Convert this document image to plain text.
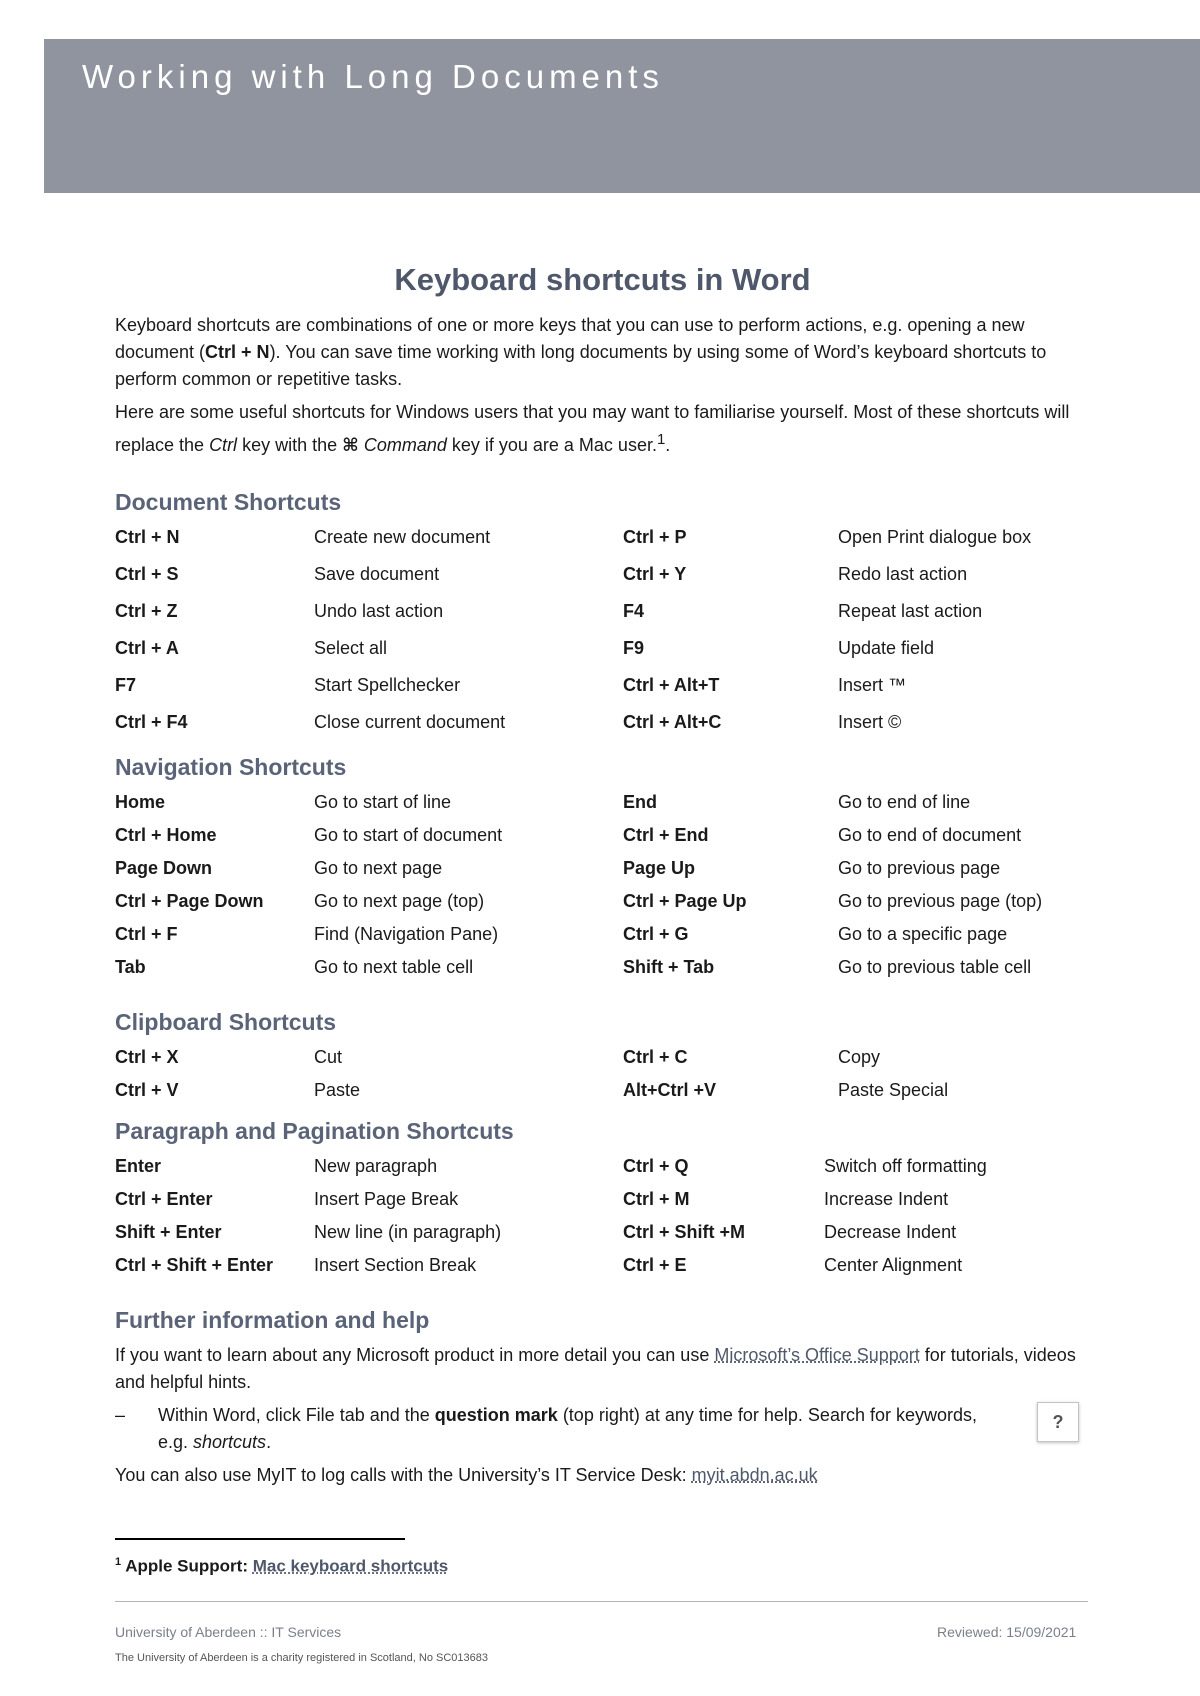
Working with Long Documents
Keyboard shortcuts in Word

Keyboard shortcuts are combinations of one or more keys that you can use to perform actions, e.g. opening a new document (Ctrl + N). You can save time working with long documents by using some of Word’s keyboard shortcuts to perform common or repetitive tasks.

Here are some useful shortcuts for Windows users that you may want to familiarise yourself. Most of these shortcuts will replace the Ctrl key with the ⌘ Command key if you are a Mac user.$^1$.

Document Shortcuts
Ctrl + N	Create new document	Ctrl + P	Open Print dialogue box
Ctrl + S	Save document	Ctrl + Y	Redo last action
Ctrl + Z	Undo last action	F4	Repeat last action
Ctrl + A	Select all	F9	Update field
F7	Start Spellchecker	Ctrl + Alt+T	Insert ™
Ctrl + F4	Close current document	Ctrl + Alt+C	Insert ©
Navigation Shortcuts
Home	Go to start of line	End	Go to end of line
Ctrl + Home	Go to start of document	Ctrl + End	Go to end of document
Page Down	Go to next page	Page Up	Go to previous page
Ctrl + Page Down	Go to next page (top)	Ctrl + Page Up	Go to previous page (top)
Ctrl + F	Find (Navigation Pane)	Ctrl + G	Go to a specific page
Tab	Go to next table cell	Shift + Tab	Go to previous table cell
Clipboard Shortcuts
Ctrl + X	Cut	Ctrl + C	Copy
Ctrl + V	Paste	Alt+Ctrl +V	Paste Special
Paragraph and Pagination Shortcuts
Enter	New paragraph	Ctrl + Q	Switch off formatting
Ctrl + Enter	Insert Page Break	Ctrl + M	Increase Indent
Shift + Enter	New line (in paragraph)	Ctrl + Shift +M	Decrease Indent
Ctrl + Shift + Enter	Insert Section Break	Ctrl + E	Center Alignment
Further information and help

If you want to learn about any Microsoft product in more detail you can use Microsoft’s Office Support for tutorials, videos and helpful hints.

–	Within Word, click File tab and the question mark (top right) at any time for help. Search for keywords, e.g. shortcuts.

?

You can also use MyIT to log calls with the University’s IT Service Desk: myit.abdn.ac.uk

$^1$ Apple Support: Mac keyboard shortcuts
University of Aberdeen :: IT Services	Reviewed: 15/09/2021
The University of Aberdeen is a charity registered in Scotland, No SC013683
